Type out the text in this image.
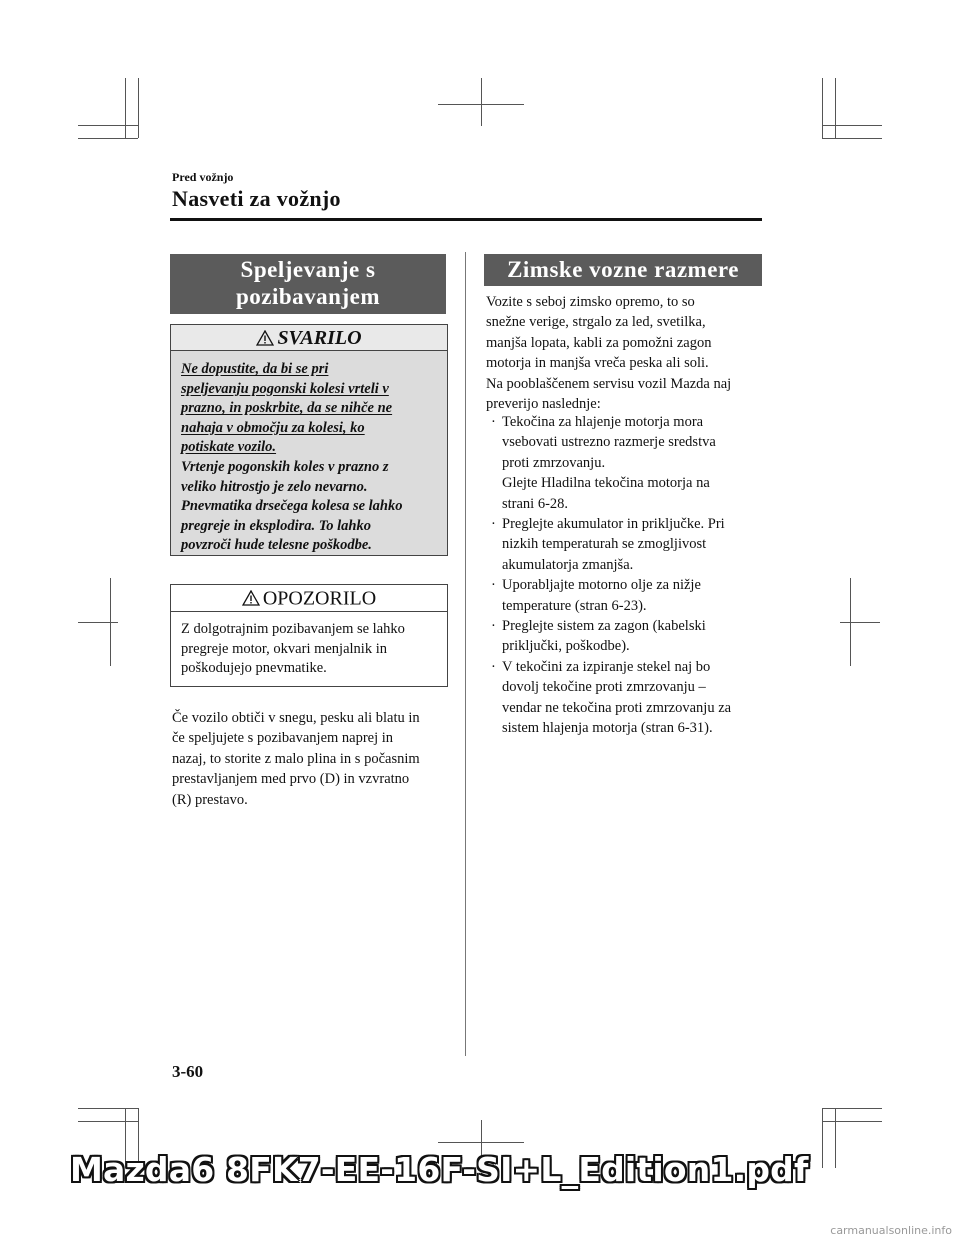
Pred vožnjo
Nasveti za vožnjo
Speljevanje s
pozibavanjem
SVARILO
Ne dopustite, da bi se pri
speljevanju pogonski kolesi vrteli v
prazno, in poskrbite, da se nihče ne
nahaja v območju za kolesi, ko
potiskate vozilo.
Vrtenje pogonskih koles v prazno z
veliko hitrostjo je zelo nevarno.
Pnevmatika drsečega kolesa se lahko
pregreje in eksplodira. To lahko
povzroči hude telesne poškodbe.
OPOZORILO
Z dolgotrajnim pozibavanjem se lahko
pregreje motor, okvari menjalnik in
poškodujejo pnevmatike.
Če vozilo obtiči v snegu, pesku ali blatu in
če speljujete s pozibavanjem naprej in
nazaj, to storite z malo plina in s počasnim
prestavljanjem med prvo (D) in vzvratno
(R) prestavo.
Zimske vozne razmere
Vozite s seboj zimsko opremo, to so
snežne verige, strgalo za led, svetilka,
manjša lopata, kabli za pomožni zagon
motorja in manjša vreča peska ali soli.
Na pooblaščenem servisu vozil Mazda naj
preverijo naslednje:
· Tekočina za hlajenje motorja mora
vsebovati ustrezno razmerje sredstva
proti zmrzovanju.
Glejte Hladilna tekočina motorja na
strani 6-28.
· Preglejte akumulator in priključke. Pri
nizkih temperaturah se zmogljivost
akumulatorja zmanjša.
· Uporabljajte motorno olje za nižje
temperature (stran 6-23).
· Preglejte sistem za zagon (kabelski
priključki, poškodbe).
· V tekočini za izpiranje stekel naj bo
dovolj tekočine proti zmrzovanju –
vendar ne tekočina proti zmrzovanju za
sistem hlajenja motorja (stran 6-31).
3-60
Mazda6 8FK7-EE-16F-SI+L_Edition1.pdf
carmanualsonline.info
